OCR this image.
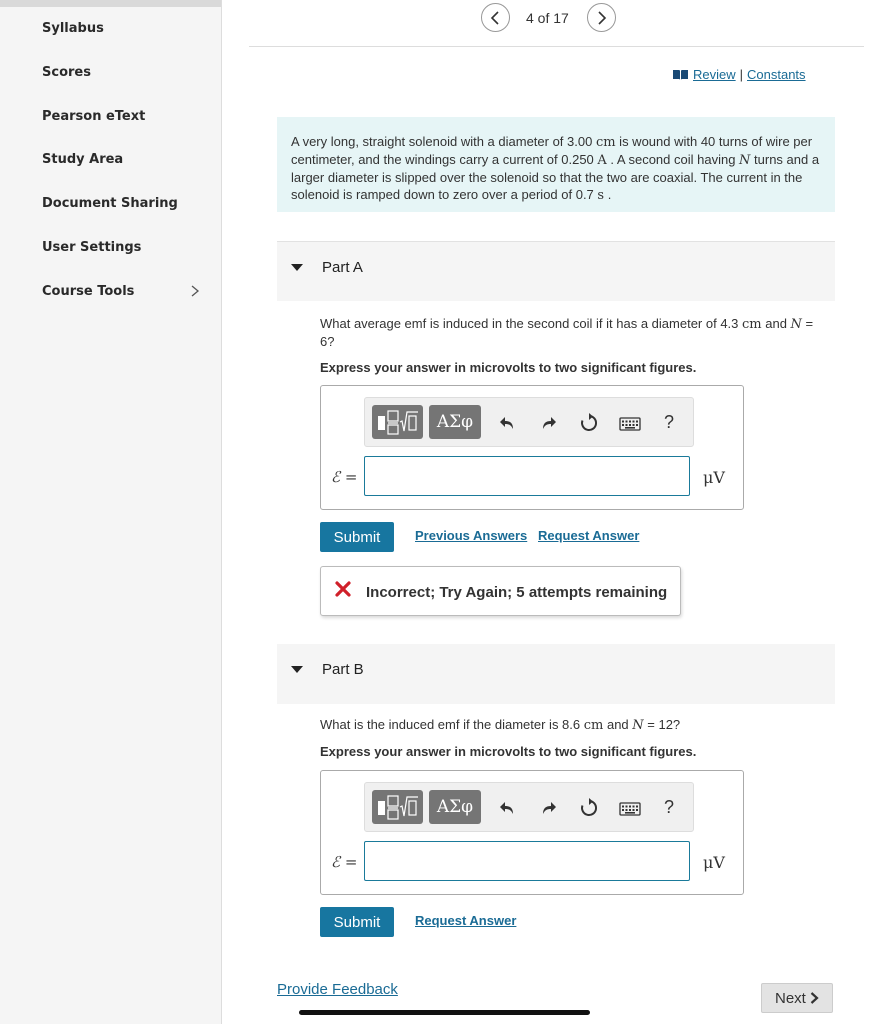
Syllabus
Scores
Pearson eText
Study Area
Document Sharing
User Settings
Course Tools
4 of 17
Review | Constants
A very long, straight solenoid with a diameter of 3.00 cm is wound with 40 turns of wire per centimeter, and the windings carry a current of 0.250 A . A second coil having N turns and a larger diameter is slipped over the solenoid so that the two are coaxial. The current in the solenoid is ramped down to zero over a period of 0.7 s .
Part A
What average emf is induced in the second coil if it has a diameter of 4.3 cm and N = 6?
Express your answer in microvolts to two significant figures.
ΑΣφ	?
ℰ =	μV
Submit	Previous Answers Request Answer
Incorrect; Try Again; 5 attempts remaining
Part B
What is the induced emf if the diameter is 8.6 cm and N = 12?
Express your answer in microvolts to two significant figures.
ΑΣφ	?
ℰ =	μV
Submit	Request Answer
Provide Feedback	Next
